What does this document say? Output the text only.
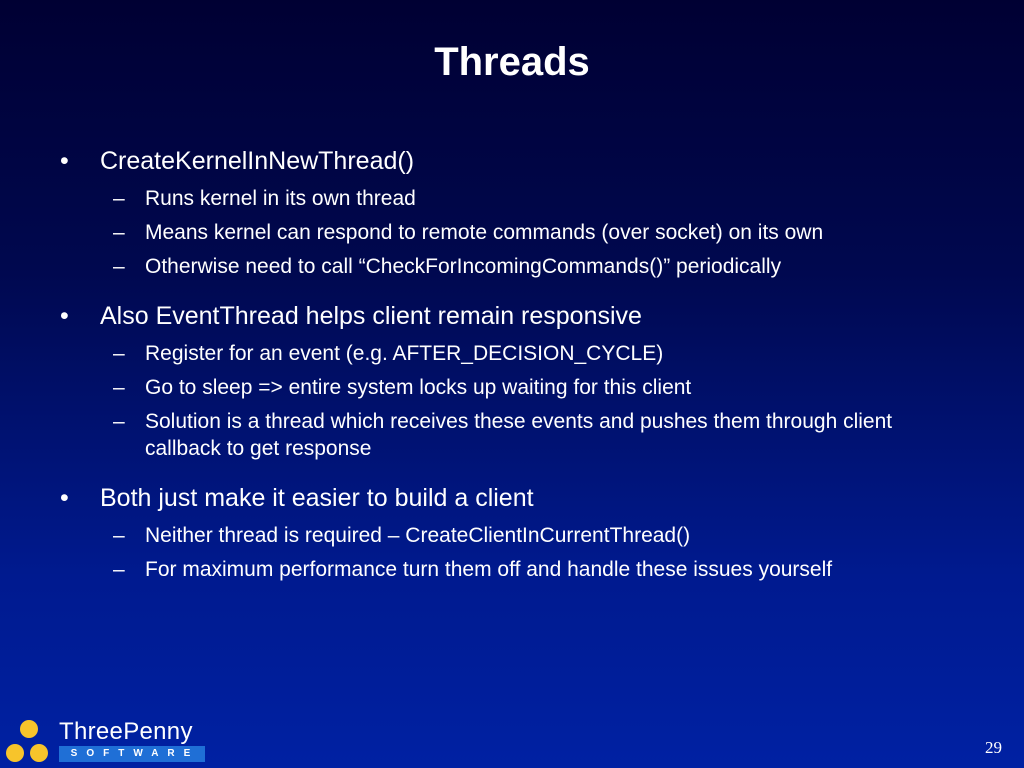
Threads
• CreateKernelInNewThread()
– Runs kernel in its own thread
– Means kernel can respond to remote commands (over socket) on its own
– Otherwise need to call “CheckForIncomingCommands()” periodically
• Also EventThread helps client remain responsive
– Register for an event (e.g. AFTER_DECISION_CYCLE)
– Go to sleep => entire system locks up waiting for this client
– Solution is a thread which receives these events and pushes them through client callback to get response
• Both just make it easier to build a client
– Neither thread is required – CreateClientInCurrentThread()
– For maximum performance turn them off and handle these issues yourself
ThreePenny
SOFTWARE	29
